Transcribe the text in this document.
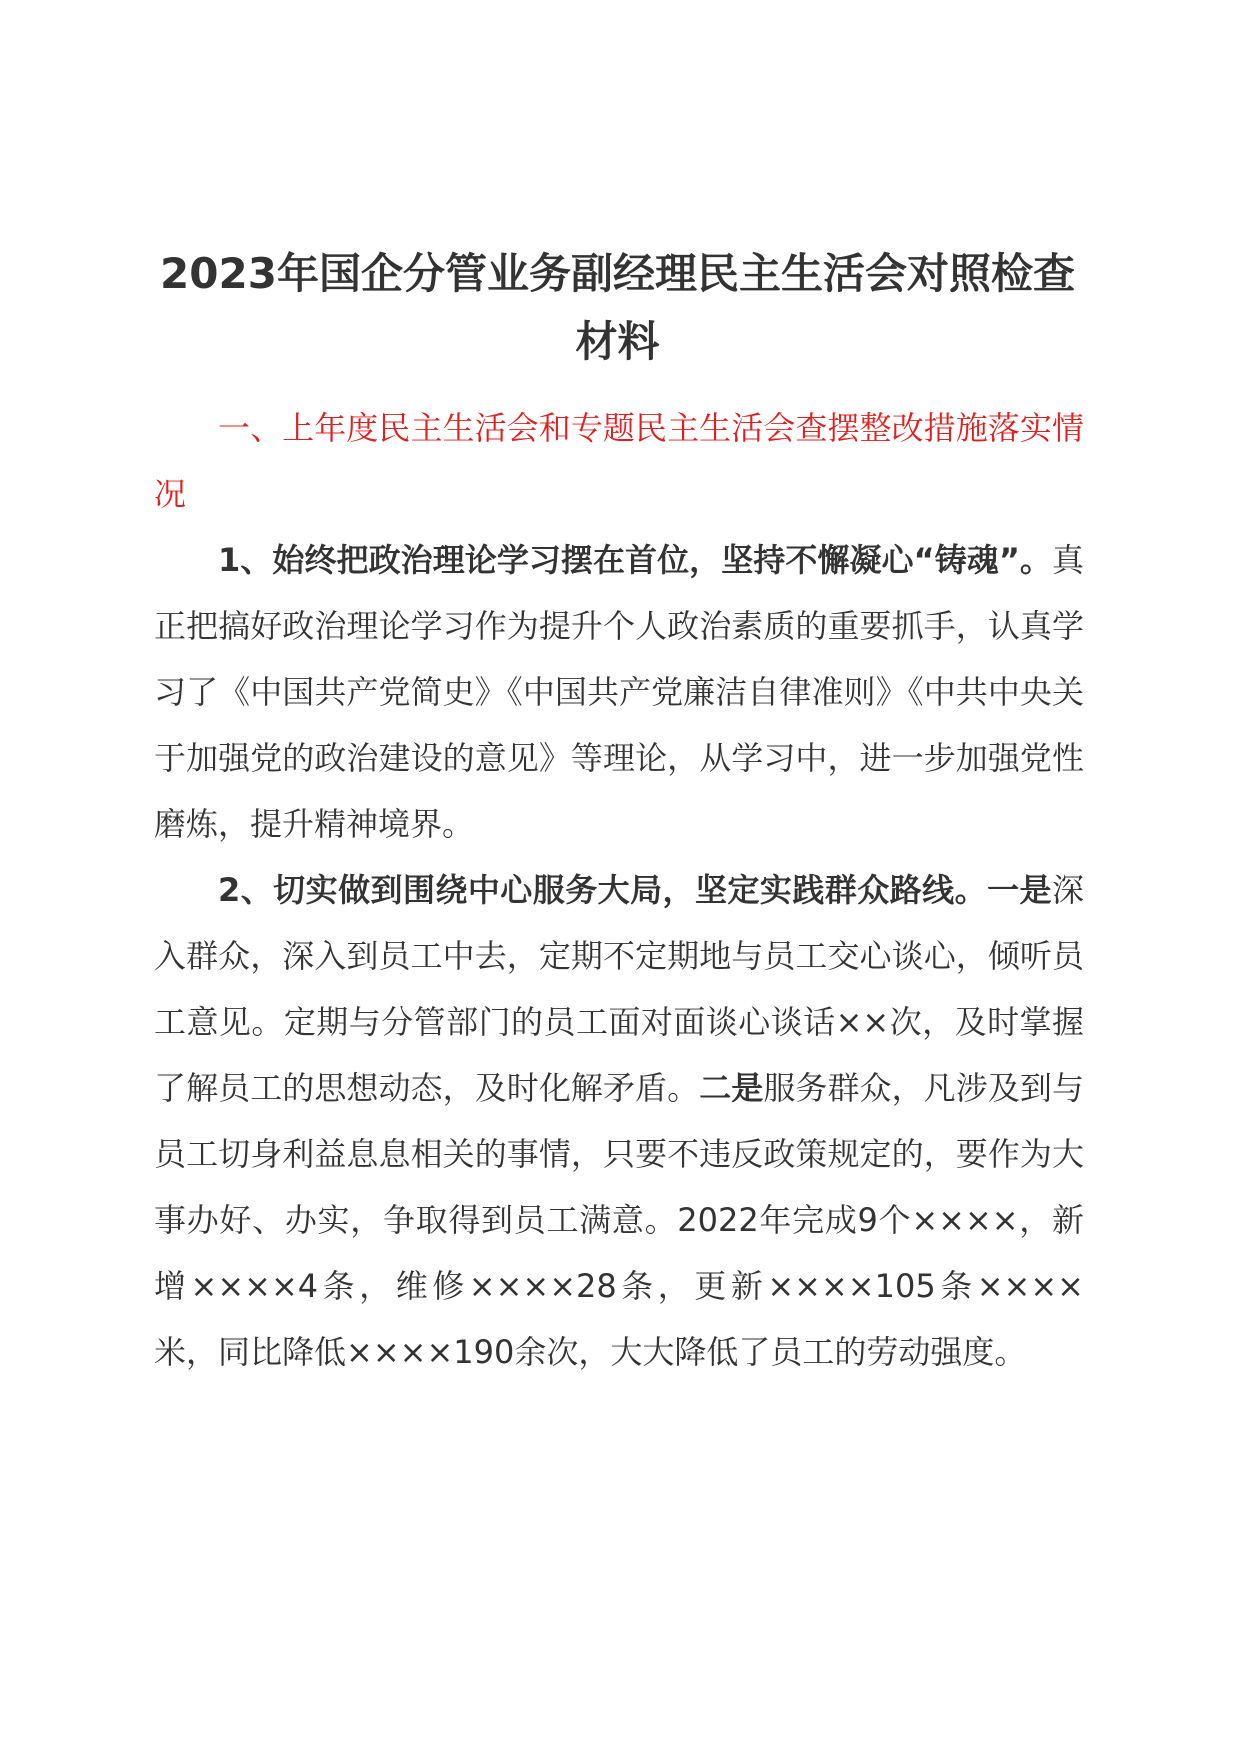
2023年国企分管业务副经理民主生活会对照检查材料

一、上年度民主生活会和专题民主生活会查摆整改措施落实情况

1、始终把政治理论学习摆在首位，坚持不懈凝心“铸魂”。真正把搞好政治理论学习作为提升个人政治素质的重要抓手，认真学习了《中国共产党简史》《中国共产党廉洁自律准则》《中共中央关于加强党的政治建设的意见》等理论，从学习中，进一步加强党性磨炼，提升精神境界。

2、切实做到围绕中心服务大局，坚定实践群众路线。一是深入群众，深入到员工中去，定期不定期地与员工交心谈心，倾听员工意见。定期与分管部门的员工面对面谈心谈话××次，及时掌握了解员工的思想动态，及时化解矛盾。二是服务群众，凡涉及到与员工切身利益息息相关的事情，只要不违反政策规定的，要作为大事办好、办实，争取得到员工满意。2022年完成9个××××，新增××××4条，维修××××28条，更新××××105条××××米，同比降低××××190余次，大大降低了员工的劳动强度。
